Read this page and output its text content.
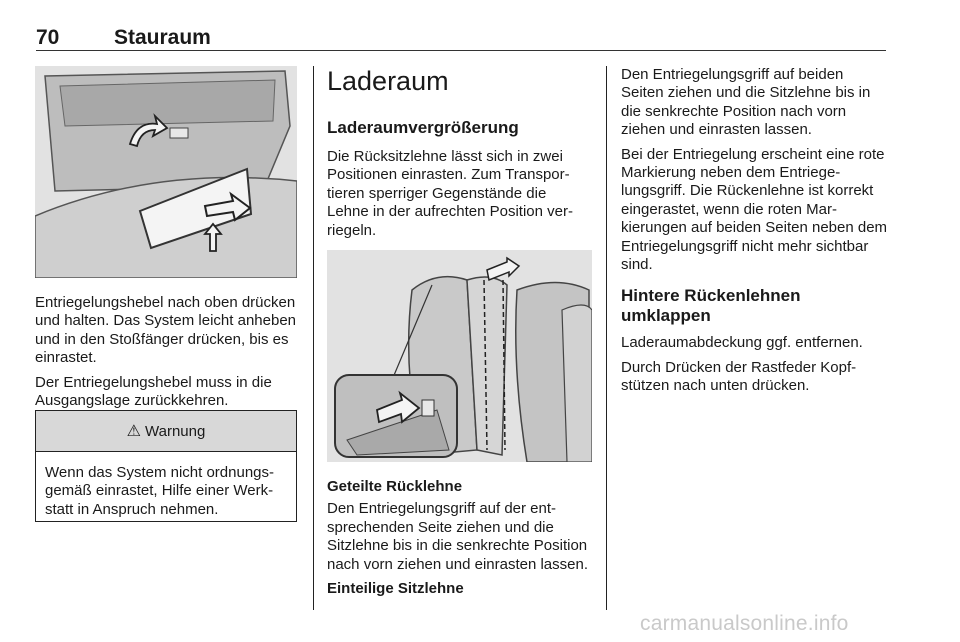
70	Stauraum

Entriegelungshebel nach oben drücken und halten. Das System leicht anheben und in den Stoßfänger drücken, bis es einrastet.

Der Entriegelungshebel muss in die Ausgangslage zurückkehren.

⚠ Warnung
Wenn das System nicht ordnungsgemäß einrastet, Hilfe einer Werkstatt in Anspruch nehmen.
Laderaum
Laderaumvergrößerung

Die Rücksitzlehne lässt sich in zwei Positionen einrasten. Zum Transportieren sperriger Gegenstände die Lehne in der aufrechten Position verriegeln.

Geteilte Rücklehne

Den Entriegelungsgriff auf der entsprechenden Seite ziehen und die Sitzlehne bis in die senkrechte Position nach vorn ziehen und einrasten lassen.

Einteilige Sitzlehne

Den Entriegelungsgriff auf beiden Seiten ziehen und die Sitzlehne bis in die senkrechte Position nach vorn ziehen und einrasten lassen.

Bei der Entriegelung erscheint eine rote Markierung neben dem Entriegelungsgriff. Die Rückenlehne ist korrekt eingerastet, wenn die roten Markierungen auf beiden Seiten neben dem Entriegelungsgriff nicht mehr sichtbar sind.

Hintere Rückenlehnen umklappen

Laderaumabdeckung ggf. entfernen.

Durch Drücken der Rastfeder Kopfstützen nach unten drücken.

carmanualsonline.info
